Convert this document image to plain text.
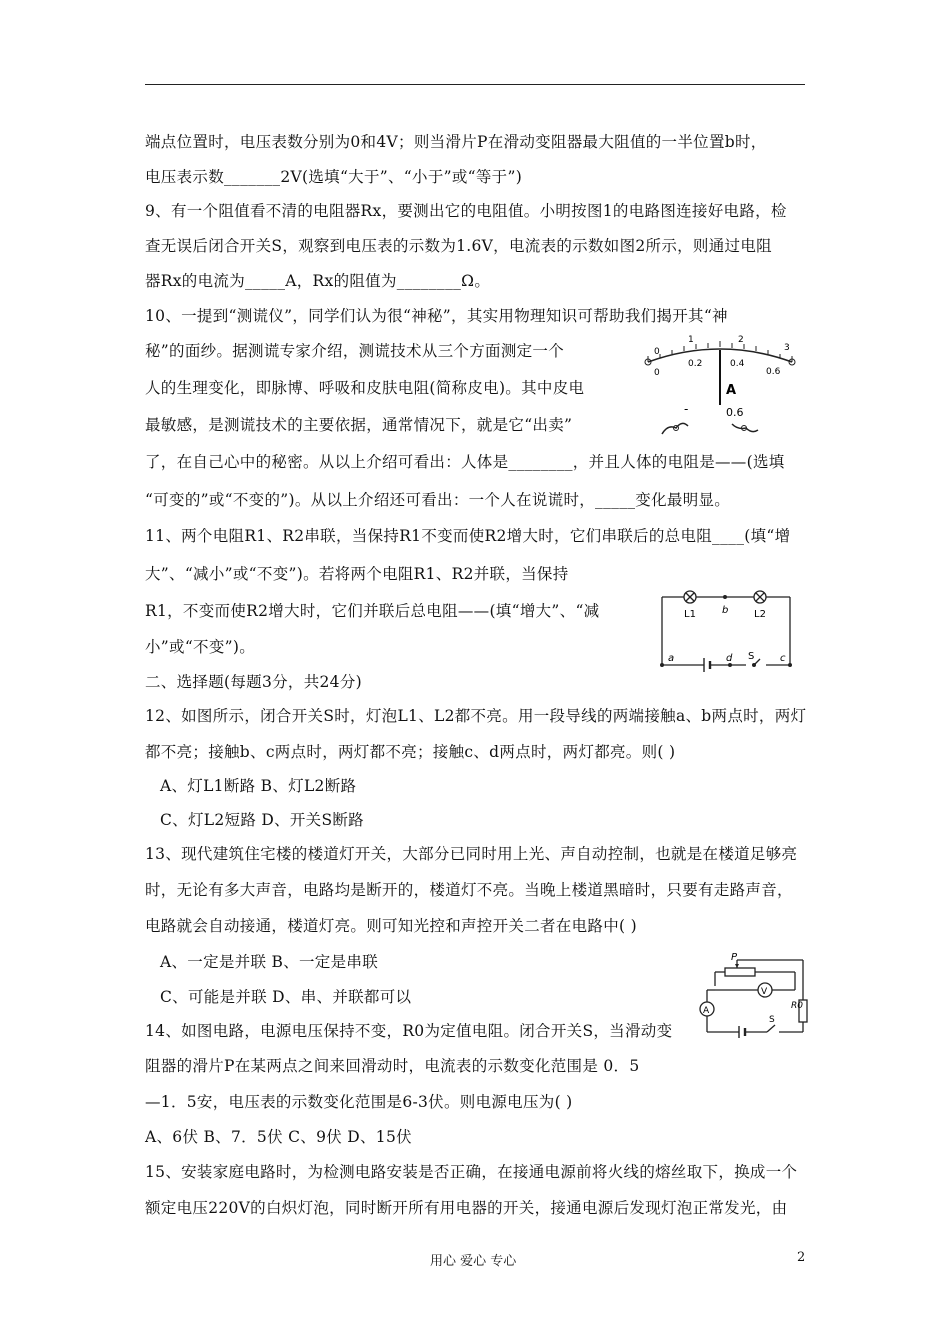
端点位置时，电压表数分别为0和4V；则当滑片P在滑动变阻器最大阻值的一半位置b时，
电压表示数_______2V(选填“大于”、“小于”或“等于”)
9、有一个阻值看不清的电阻器Rx，要测出它的电阻值。小明按图1的电路图连接好电路，检
查无误后闭合开关S，观察到电压表的示数为1.6V，电流表的示数如图2所示，则通过电阻
器Rx的电流为_____A，Rx的阻值为________Ω。
10、一提到“测谎仪”，同学们认为很“神秘”，其实用物理知识可帮助我们揭开其“神
秘”的面纱。据测谎专家介绍，测谎技术从三个方面测定一个
人的生理变化，即脉博、呼吸和皮肤电阻(简称皮电)。其中皮电
最敏感，是测谎技术的主要依据，通常情况下，就是它“出卖”
了，在自己心中的秘密。从以上介绍可看出：人体是________，并且人体的电阻是——(选填
“可变的”或“不变的”)。从以上介绍还可看出：一个人在说谎时，_____变化最明显。
11、两个电阻R1、R2串联，当保持R1不变而使R2增大时，它们串联后的总电阻____(填“增
大”、“减小”或“不变”)。若将两个电阻R1、R2并联，当保持
R1，不变而使R2增大时，它们并联后总电阻——(填“增大”、“减
小”或“不变”)。
二、选择题(每题3分，共24分)
12、如图所示，闭合开关S时，灯泡L1、L2都不亮。用一段导线的两端接触a、b两点时，两灯
都不亮；接触b、c两点时，两灯都不亮；接触c、d两点时，两灯都亮。则( )
A、灯L1断路 B、灯L2断路
C、灯L2短路 D、开关S断路
13、现代建筑住宅楼的楼道灯开关，大部分已同时用上光、声自动控制，也就是在楼道足够亮
时，无论有多大声音，电路均是断开的，楼道灯不亮。当晚上楼道黑暗时，只要有走路声音，
电路就会自动接通，楼道灯亮。则可知光控和声控开关二者在电路中( )
A、一定是并联 B、一定是串联
C、可能是并联 D、串、并联都可以
14、如图电路，电源电压保持不变，R0为定值电阻。闭合开关S，当滑动变
阻器的滑片P在某两点之间来回滑动时，电流表的示数变化范围是 0．5
—1．5安，电压表的示数变化范围是6-3伏。则电源电压为( )
A、6伏 B、7．5伏 C、9伏 D、15伏
15、安装家庭电路时，为检测电路安装是否正确，在接通电源前将火线的熔丝取下，换成一个
额定电压220V的白炽灯泡，同时断开所有用电器的开关，接通电源后发现灯泡正常发光，由
0
1	2
3
0
0.2	0.4
0.6
A
-	0.6
L1	b	L2
a	d S	c
P
V
A
S
R0
用心 爱心 专心	2
